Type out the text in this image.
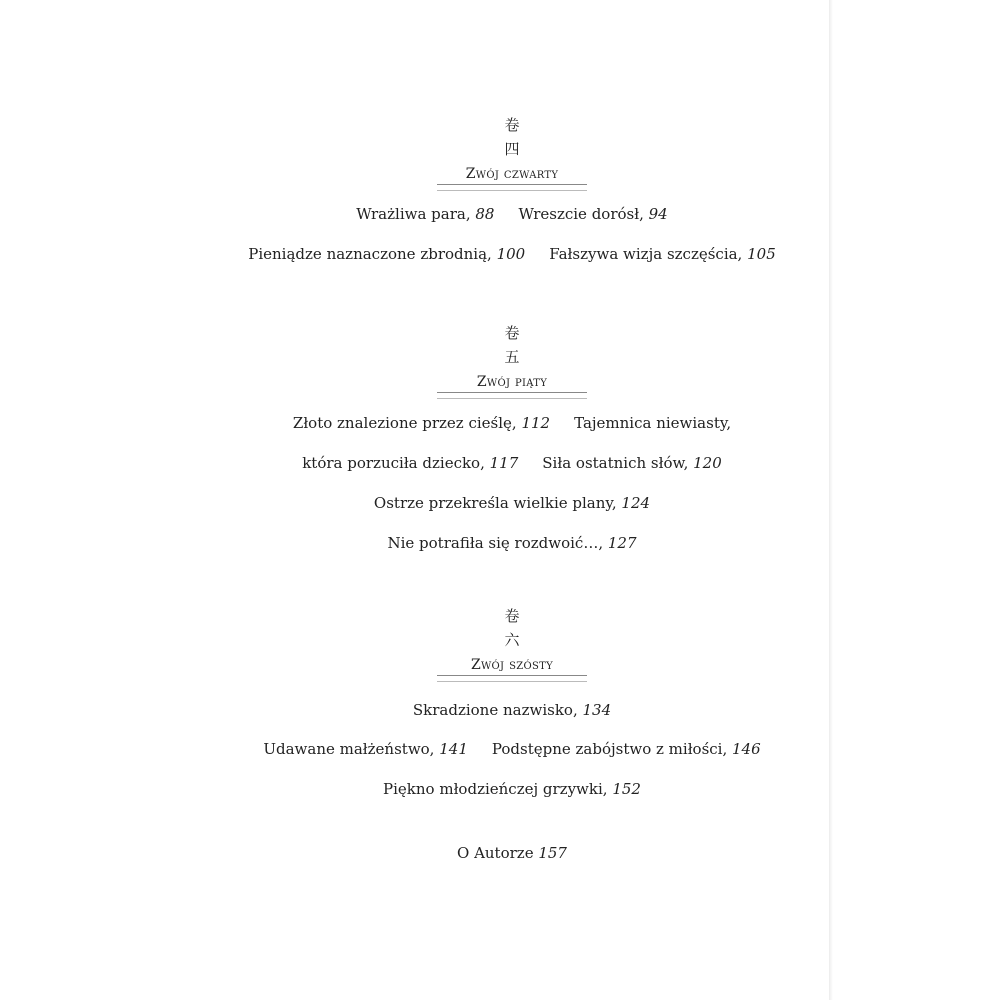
卷
四
Zwój czwarty
Wrażliwa para, 88 Wreszcie dorósł, 94
Pieniądze naznaczone zbrodnią, 100 Fałszywa wizja szczęścia, 105
卷
五
Zwój piąty
Złoto znalezione przez cieślę, 112 Tajemnica niewiasty,
która porzuciła dziecko, 117 Siła ostatnich słów, 120
Ostrze przekreśla wielkie plany, 124
Nie potrafiła się rozdwoić…, 127
卷
六
Zwój szósty
Skradzione nazwisko, 134
Udawane małżeństwo, 141 Podstępne zabójstwo z miłości, 146
Piękno młodzieńczej grzywki, 152
O Autorze 157
